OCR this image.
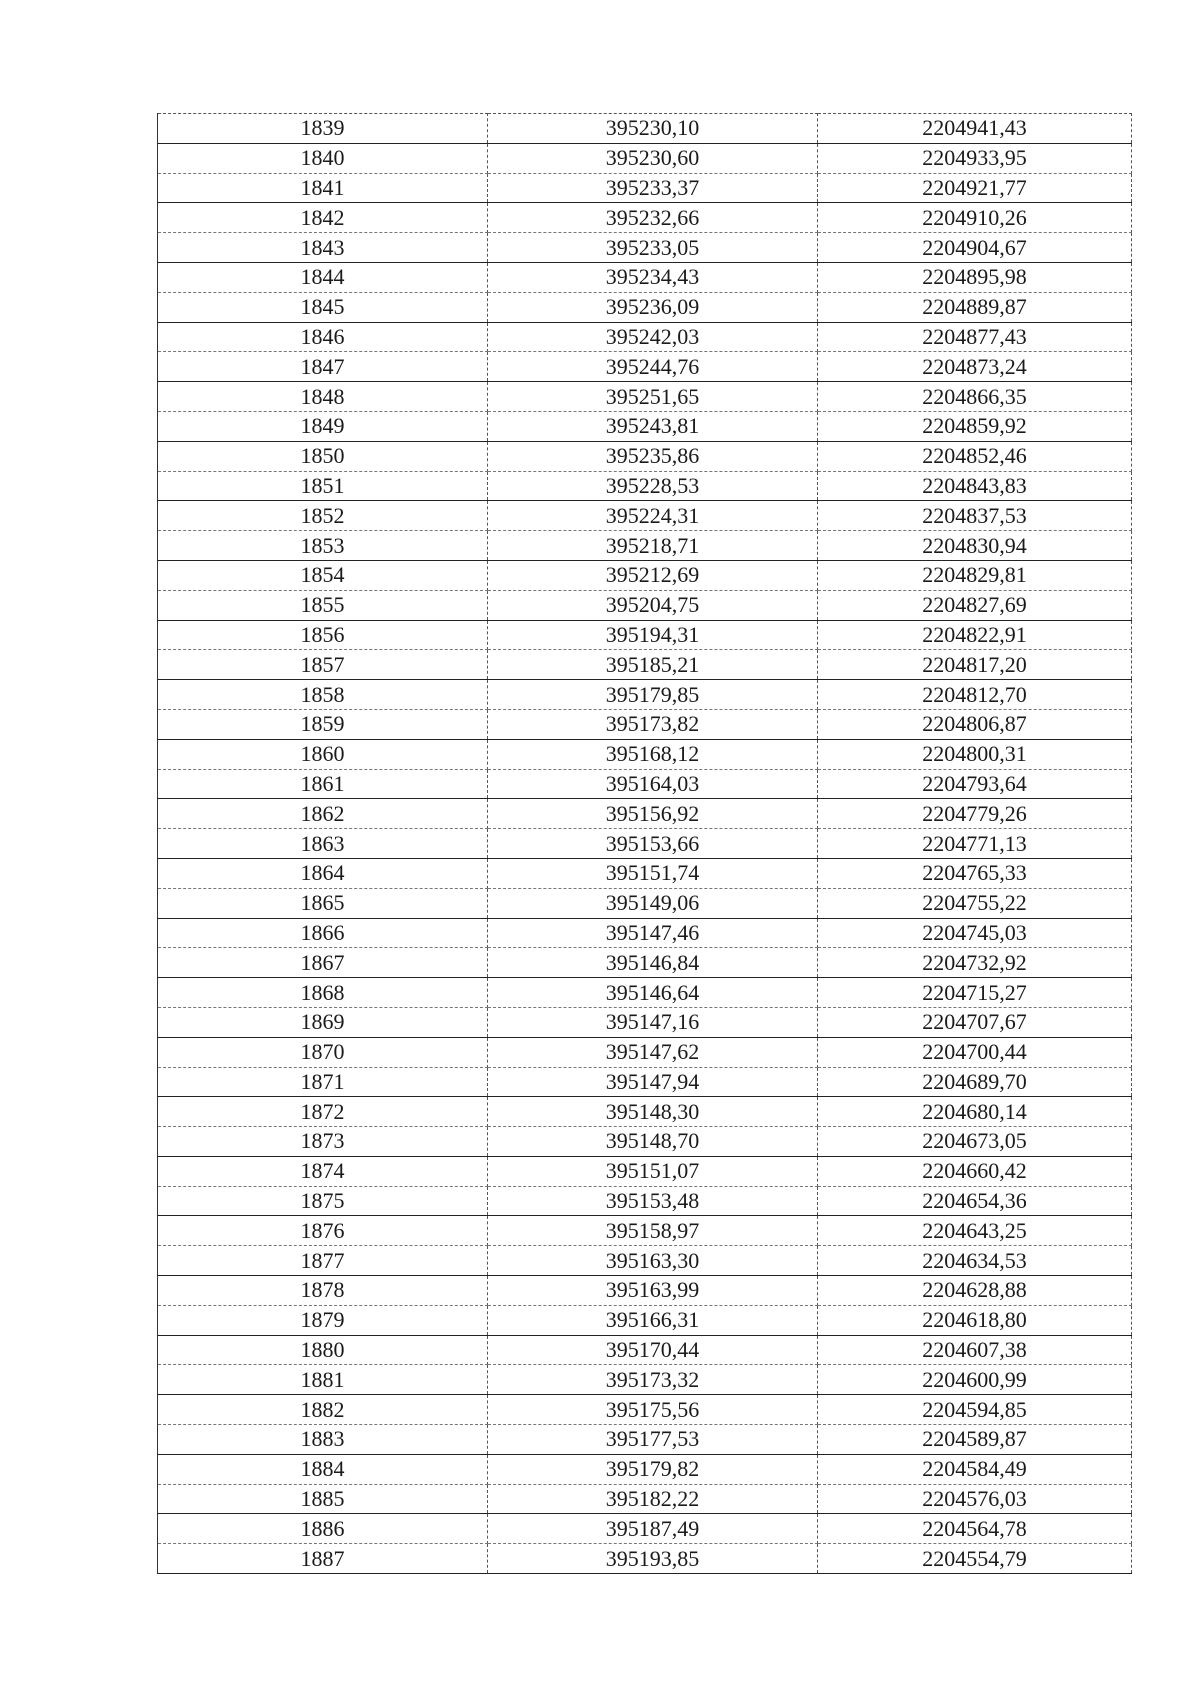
1839	395230,10	2204941,43
1840	395230,60	2204933,95
1841	395233,37	2204921,77
1842	395232,66	2204910,26
1843	395233,05	2204904,67
1844	395234,43	2204895,98
1845	395236,09	2204889,87
1846	395242,03	2204877,43
1847	395244,76	2204873,24
1848	395251,65	2204866,35
1849	395243,81	2204859,92
1850	395235,86	2204852,46
1851	395228,53	2204843,83
1852	395224,31	2204837,53
1853	395218,71	2204830,94
1854	395212,69	2204829,81
1855	395204,75	2204827,69
1856	395194,31	2204822,91
1857	395185,21	2204817,20
1858	395179,85	2204812,70
1859	395173,82	2204806,87
1860	395168,12	2204800,31
1861	395164,03	2204793,64
1862	395156,92	2204779,26
1863	395153,66	2204771,13
1864	395151,74	2204765,33
1865	395149,06	2204755,22
1866	395147,46	2204745,03
1867	395146,84	2204732,92
1868	395146,64	2204715,27
1869	395147,16	2204707,67
1870	395147,62	2204700,44
1871	395147,94	2204689,70
1872	395148,30	2204680,14
1873	395148,70	2204673,05
1874	395151,07	2204660,42
1875	395153,48	2204654,36
1876	395158,97	2204643,25
1877	395163,30	2204634,53
1878	395163,99	2204628,88
1879	395166,31	2204618,80
1880	395170,44	2204607,38
1881	395173,32	2204600,99
1882	395175,56	2204594,85
1883	395177,53	2204589,87
1884	395179,82	2204584,49
1885	395182,22	2204576,03
1886	395187,49	2204564,78
1887	395193,85	2204554,79
